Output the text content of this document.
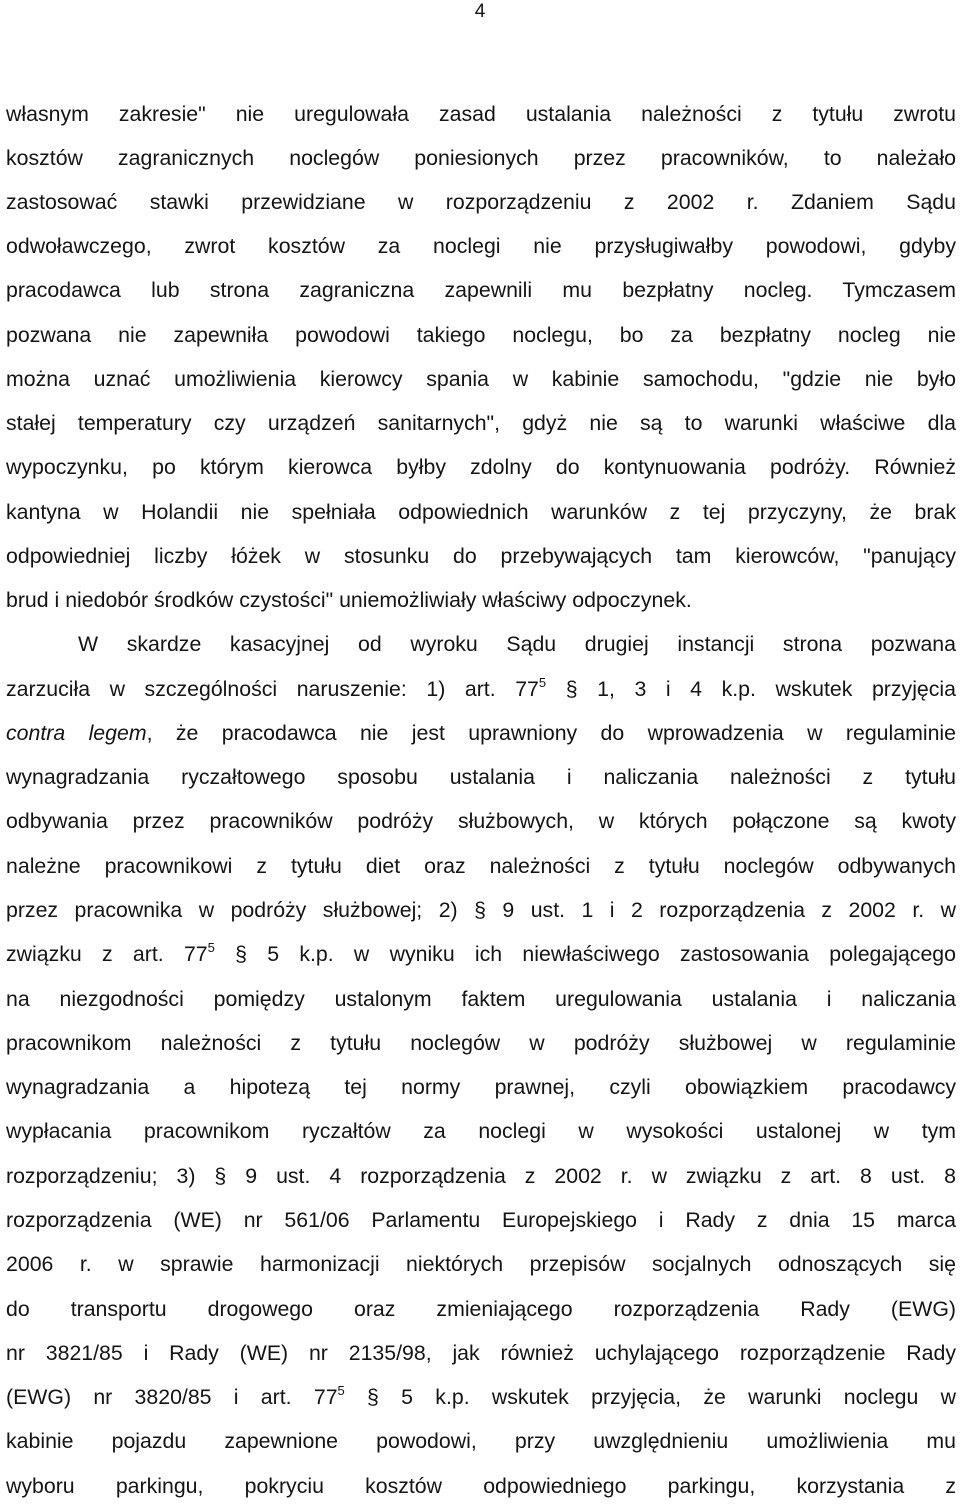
4
własnym zakresie" nie uregulowała zasad ustalania należności z tytułu zwrotu
kosztów zagranicznych noclegów poniesionych przez pracowników, to należało
zastosować stawki przewidziane w rozporządzeniu z 2002 r. Zdaniem Sądu
odwoławczego, zwrot kosztów za noclegi nie przysługiwałby powodowi, gdyby
pracodawca lub strona zagraniczna zapewnili mu bezpłatny nocleg. Tymczasem
pozwana nie zapewniła powodowi takiego noclegu, bo za bezpłatny nocleg nie
można uznać umożliwienia kierowcy spania w kabinie samochodu, "gdzie nie było
stałej temperatury czy urządzeń sanitarnych", gdyż nie są to warunki właściwe dla
wypoczynku, po którym kierowca byłby zdolny do kontynuowania podróży. Również
kantyna w Holandii nie spełniała odpowiednich warunków z tej przyczyny, że brak
odpowiedniej liczby łóżek w stosunku do przebywających tam kierowców, "panujący
brud i niedobór środków czystości" uniemożliwiały właściwy odpoczynek.
W skardze kasacyjnej od wyroku Sądu drugiej instancji strona pozwana
zarzuciła w szczególności naruszenie: 1) art. $77^5$ § 1, 3 i 4 k.p. wskutek przyjęcia
contra legem, że pracodawca nie jest uprawniony do wprowadzenia w regulaminie
wynagradzania ryczałtowego sposobu ustalania i naliczania należności z tytułu
odbywania przez pracowników podróży służbowych, w których połączone są kwoty
należne pracownikowi z tytułu diet oraz należności z tytułu noclegów odbywanych
przez pracownika w podróży służbowej; 2) § 9 ust. 1 i 2 rozporządzenia z 2002 r. w
związku z art. $77^5$ § 5 k.p. w wyniku ich niewłaściwego zastosowania polegającego
na niezgodności pomiędzy ustalonym faktem uregulowania ustalania i naliczania
pracownikom należności z tytułu noclegów w podróży służbowej w regulaminie
wynagradzania a hipotezą tej normy prawnej, czyli obowiązkiem pracodawcy
wypłacania pracownikom ryczałtów za noclegi w wysokości ustalonej w tym
rozporządzeniu; 3) § 9 ust. 4 rozporządzenia z 2002 r. w związku z art. 8 ust. 8
rozporządzenia (WE) nr 561/06 Parlamentu Europejskiego i Rady z dnia 15 marca
2006 r. w sprawie harmonizacji niektórych przepisów socjalnych odnoszących się
do transportu drogowego oraz zmieniającego rozporządzenia Rady (EWG)
nr 3821/85 i Rady (WE) nr 2135/98, jak również uchylającego rozporządzenie Rady
(EWG) nr 3820/85 i art. $77^5$ § 5 k.p. wskutek przyjęcia, że warunki noclegu w
kabinie pojazdu zapewnione powodowi, przy uwzględnieniu umożliwienia mu
wyboru parkingu, pokryciu kosztów odpowiedniego parkingu, korzystania z
